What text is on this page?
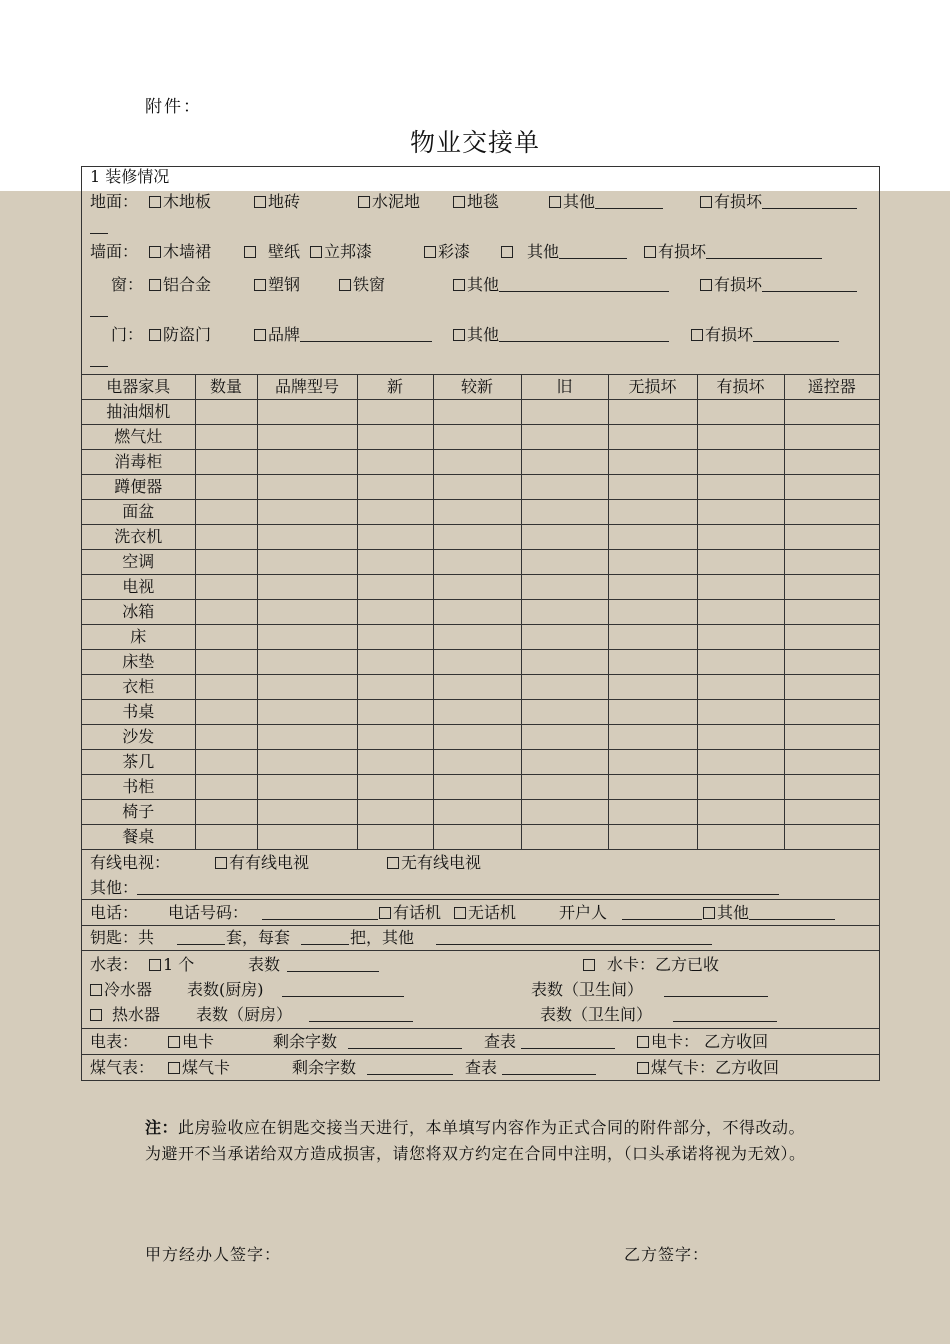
附件：
物业交接单
1 装修情况
地面：	木地板	地砖	水泥地	地毯	其他	有损坏
墙面：	木墙裙	壁纸	立邦漆	彩漆	其他	有损坏
窗：	铝合金	塑钢	铁窗	其他	有损坏
门：	防盗门	品牌	其他	有损坏
电器家具	数量	品牌型号	新	较新	旧	无损坏	有损坏	遥控器
抽油烟机								
燃气灶								
消毒柜								
蹲便器								
面盆								
洗衣机								
空调								
电视								
冰箱								
床								
床垫								
衣柜								
书桌								
沙发								
茶几								
书柜								
椅子								
餐桌								
有线电视：	有有线电视	无有线电视
其他：
电话： 电话号码：	有话机	无话机	开户人	其他
钥匙：共	套，每套	把，其他
水表：	1 个	表数	水卡：乙方已收
冷水器 表数(厨房)	表数（卫生间）
热水器 表数（厨房）	表数（卫生间）
电表：	电卡	剩余字数	查表	电卡： 乙方收回
煤气表：	煤气卡	剩余字数	查表	煤气卡：乙方收回
注：此房验收应在钥匙交接当天进行，本单填写内容作为正式合同的附件部分，不得改动。 为避开不当承诺给双方造成损害，请您将双方约定在合同中注明，（口头承诺将视为无效）。
甲方经办人签字：	乙方签字：
